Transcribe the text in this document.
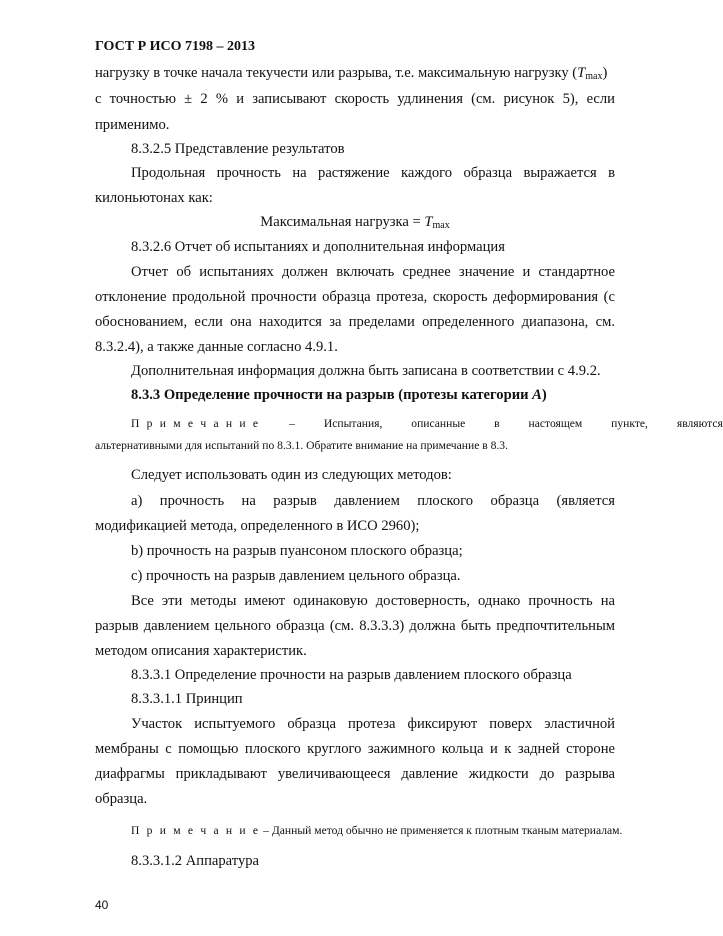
ГОСТ Р ИСО 7198 – 2013
нагрузку в точке начала текучести или разрыва, т.е. максимальную нагрузку (Tmax)
с точностью ± 2 % и записывают скорость удлинения (см. рисунок 5), если
применимо.
8.3.2.5 Представление результатов
Продольная прочность на растяжение каждого образца выражается в
килоньютонах как:
Максимальная нагрузка = Tmax
8.3.2.6 Отчет об испытаниях и дополнительная информация
Отчет об испытаниях должен включать среднее значение и стандартное
отклонение продольной прочности образца протеза, скорость деформирования (с
обоснованием, если она находится за пределами определенного диапазона, см.
8.3.2.4), а также данные согласно 4.9.1.
Дополнительная информация должна быть записана в соответствии с 4.9.2.
8.3.3 Определение прочности на разрыв (протезы категории А)
П р и м е ч а н и е – Испытания, описанные в настоящем пункте, являются
альтернативными для испытаний по 8.3.1. Обратите внимание на примечание в 8.3.
Следует использовать один из следующих методов:
a) прочность на разрыв давлением плоского образца (является
модификацией метода, определенного в ИСО 2960);
b) прочность на разрыв пуансоном плоского образца;
c) прочность на разрыв давлением цельного образца.
Все эти методы имеют одинаковую достоверность, однако прочность на
разрыв давлением цельного образца (см. 8.3.3.3) должна быть предпочтительным
методом описания характеристик.
8.3.3.1 Определение прочности на разрыв давлением плоского образца
8.3.3.1.1 Принцип
Участок испытуемого образца протеза фиксируют поверх эластичной
мембраны с помощью плоского круглого зажимного кольца и к задней стороне
диафрагмы прикладывают увеличивающееся давление жидкости до разрыва
образца.
П р и м е ч а н и е – Данный метод обычно не применяется к плотным тканым материалам.
8.3.3.1.2 Аппаратура
40
